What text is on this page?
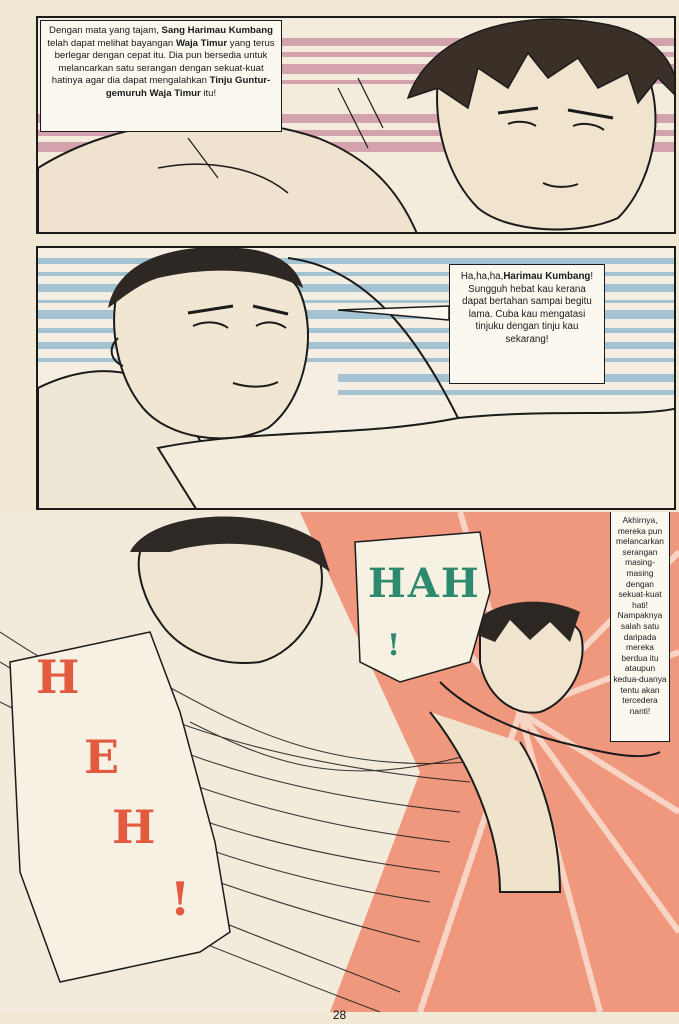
Dengan mata yang tajam, Sang Harimau Kumbang telah dapat melihat bayangan Waja Timur yang terus berlegar dengan cepat itu. Dia pun bersedia untuk melancarkan satu serangan dengan sekuat-kuat hatinya agar dia dapat mengalahkan Tinju Guntur-gemuruh Waja Timur itu!
Ha,ha,ha,Harimau Kumbang! Sungguh hebat kau kerana dapat bertahan sampai begitu lama. Cuba kau mengatasi tinjuku dengan tinju kau sekarang!
Akhirnya, mereka pun melancarkan serangan masing-masing dengan sekuat-kuat hati! Nampaknya salah satu daripada mereka berdua itu ataupun kedua-duanya tentu akan tercedera nanti!
HAH
!
H
E
H
!
28
